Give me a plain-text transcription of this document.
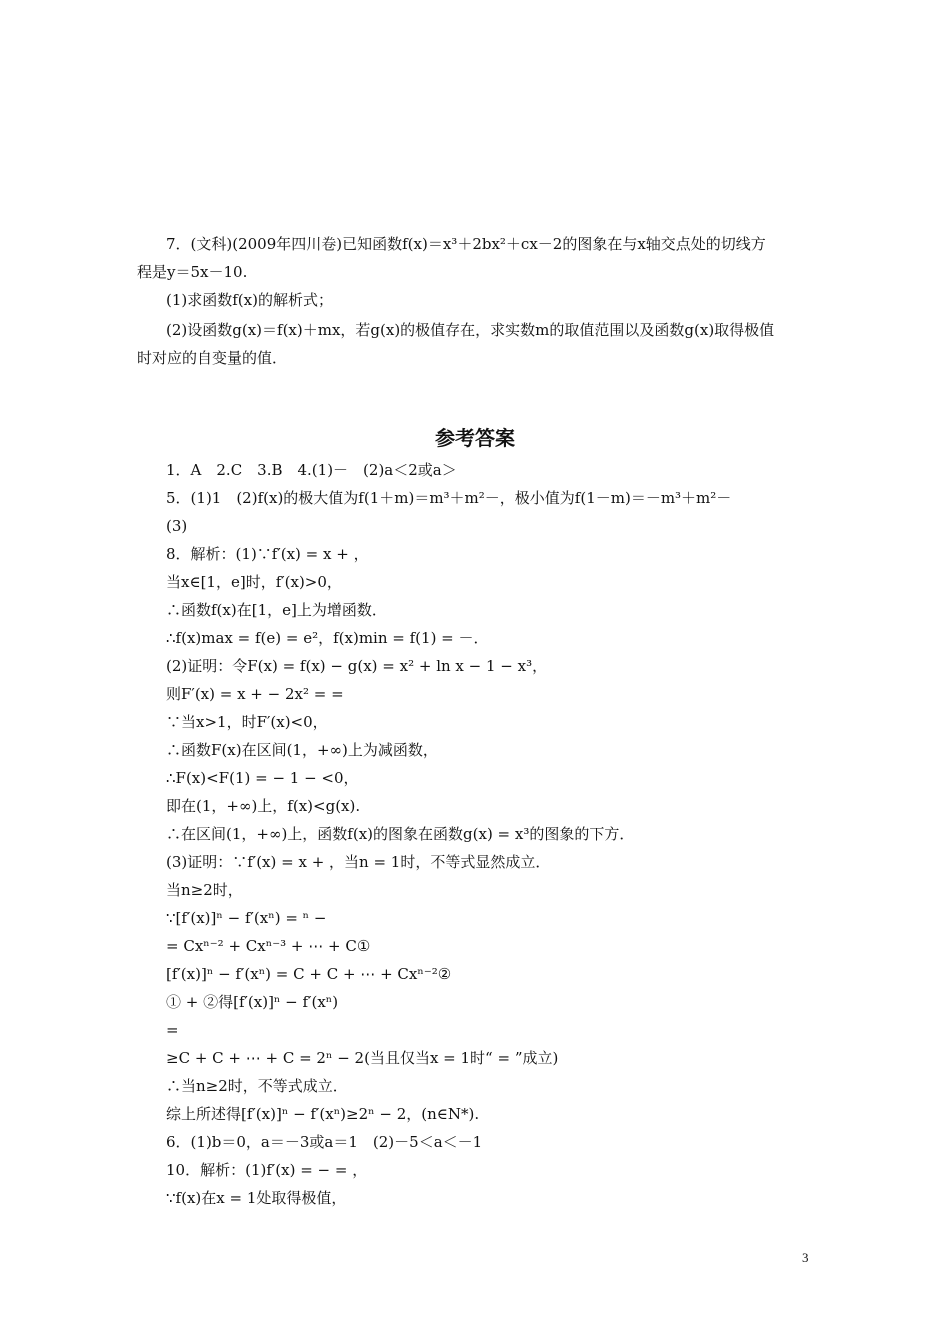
7．(文科)(2009年四川卷)已知函数f(x)＝x³＋2bx²＋cx－2的图象在与x轴交点处的切线方
程是y＝5x－10.
(1)求函数f(x)的解析式；
(2)设函数g(x)＝f(x)＋mx，若g(x)的极值存在，求实数m的取值范围以及函数g(x)取得极值
时对应的自变量的值．
参考答案
1．A　2.C　3.B　4.(1)－　(2)a＜2或a＞
5．(1)1　(2)f(x)的极大值为f(1＋m)＝m³＋m²－，极小值为f(1－m)＝－m³＋m²－
(3)
8．解析：(1)∵f′(x) = x + ，
当x∈[1，e]时，f′(x)>0，
∴函数f(x)在[1，e]上为增函数．
∴f(x)max = f(e) = e²，f(x)min = f(1) = －．
(2)证明：令F(x) = f(x) − g(x) = x² + ln x − 1 − x³，
则F′(x) = x + − 2x² = =
∵当x>1，时F′(x)<0，
∴函数F(x)在区间(1，+∞)上为减函数，
∴F(x)<F(1) = − 1 − <0，
即在(1，+∞)上，f(x)<g(x).
∴在区间(1，+∞)上，函数f(x)的图象在函数g(x) = x³的图象的下方．
(3)证明：∵f′(x) = x + ，当n = 1时，不等式显然成立．
当n≥2时，
∵[f′(x)]ⁿ − f′(xⁿ) = ⁿ −
= Cxⁿ⁻² + Cxⁿ⁻³ + ⋯ + C①
[f′(x)]ⁿ − f′(xⁿ) = C + C + ⋯ + Cxⁿ⁻²②
① + ②得[f′(x)]ⁿ − f′(xⁿ)
=
≥C + C + ⋯ + C = 2ⁿ − 2(当且仅当x = 1时“ = ”成立)
∴当n≥2时，不等式成立．
综上所述得[f′(x)]ⁿ − f′(xⁿ)≥2ⁿ − 2，(n∈N*).
6．(1)b＝0，a＝－3或a＝1　(2)－5＜a＜－1
10．解析：(1)f′(x) = − = ，
∵f(x)在x = 1处取得极值，
3
